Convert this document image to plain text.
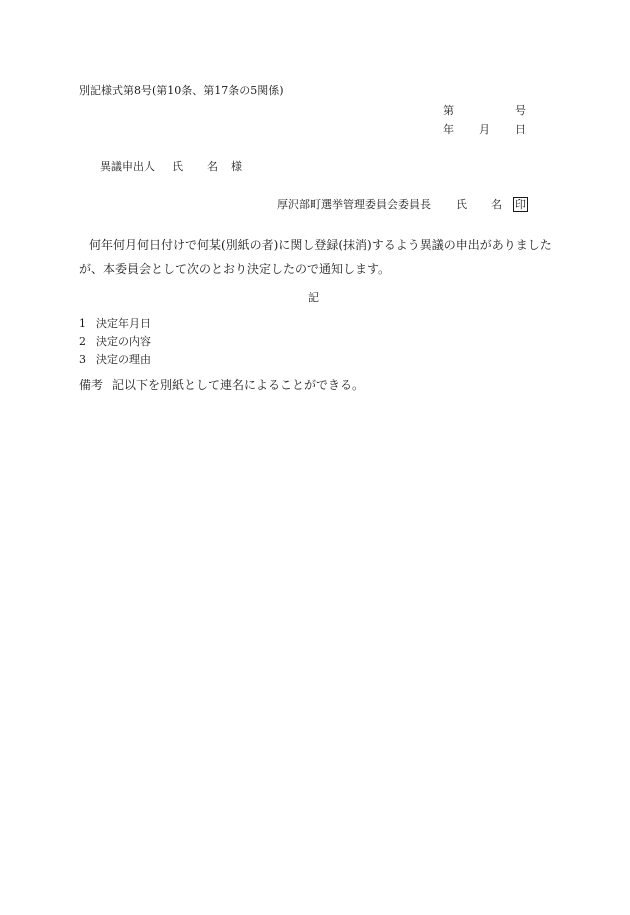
別記様式第8号(第10条、第17条の5関係)
第	号
年 月 日
異議申出人 氏 名 様
厚沢部町選挙管理委員会委員長 氏 名 印
何年何月何日付けで何某(別紙の者)に関し登録(抹消)するよう異議の申出がありました
が、本委員会として次のとおり決定したので通知します。
記
1 決定年月日
2 決定の内容
3 決定の理由
備考 記以下を別紙として連名によることができる。
